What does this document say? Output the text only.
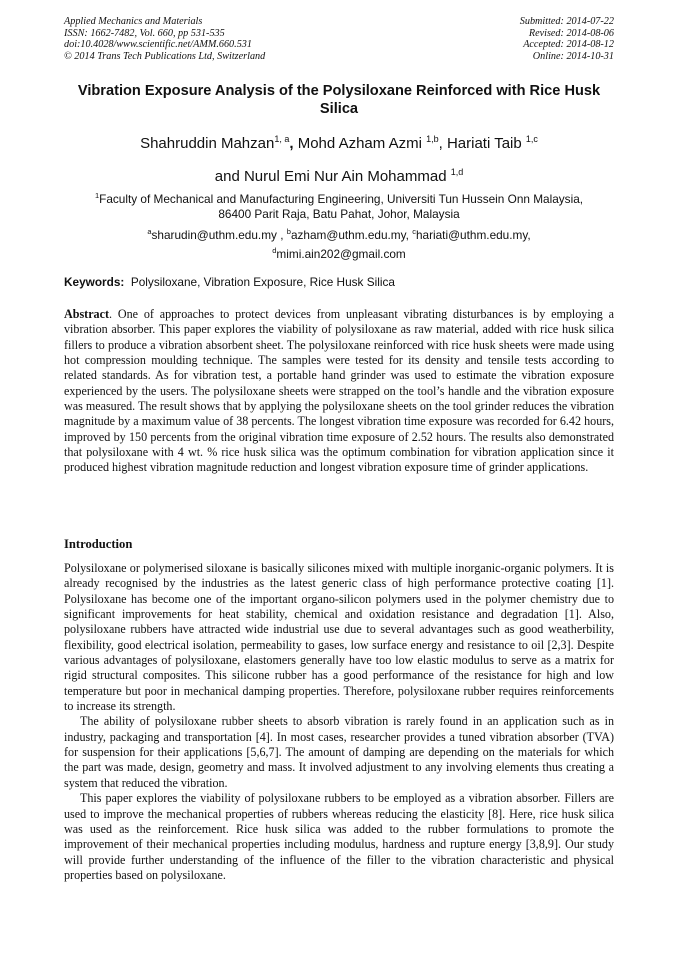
Applied Mechanics and Materials
ISSN: 1662-7482, Vol. 660, pp 531-535
doi:10.4028/www.scientific.net/AMM.660.531
© 2014 Trans Tech Publications Ltd, Switzerland
Submitted: 2014-07-22
Revised: 2014-08-06
Accepted: 2014-08-12
Online: 2014-10-31
Vibration Exposure Analysis of the Polysiloxane Reinforced with Rice Husk Silica
Shahruddin Mahzan$^{1, a}$, Mohd Azham Azmi $^{1,b}$, Hariati Taib $^{1,c}$
and Nurul Emi Nur Ain Mohammad $^{1,d}$
$^1$Faculty of Mechanical and Manufacturing Engineering, Universiti Tun Hussein Onn Malaysia,
86400 Parit Raja, Batu Pahat, Johor, Malaysia
$^a$sharudin@uthm.edu.my , $^b$azham@uthm.edu.my, $^c$hariati@uthm.edu.my,
$^d$mimi.ain202@gmail.com
Keywords: Polysiloxane, Vibration Exposure, Rice Husk Silica
Abstract. One of approaches to protect devices from unpleasant vibrating disturbances is by employing a vibration absorber. This paper explores the viability of polysiloxane as raw material, added with rice husk silica fillers to produce a vibration absorbent sheet. The polysiloxane reinforced with rice husk sheets were made using hot compression moulding technique. The samples were tested for its density and tensile tests according to related standards. As for vibration test, a portable hand grinder was used to estimate the vibration exposure experienced by the users. The polysiloxane sheets were strapped on the tool’s handle and the vibration exposure was measured. The result shows that by applying the polysiloxane sheets on the tool grinder reduces the vibration magnitude by a maximum value of 38 percents. The longest vibration time exposure was recorded for 6.42 hours, improved by 150 percents from the original vibration time exposure of 2.52 hours. The results also demonstrated that polysiloxane with 4 wt. % rice husk silica was the optimum combination for vibration application since it produced highest vibration magnitude reduction and longest vibration exposure time of grinder applications.
Introduction

Polysiloxane or polymerised siloxane is basically silicones mixed with multiple inorganic-organic polymers. It is already recognised by the industries as the latest generic class of high performance protective coating [1]. Polysiloxane has become one of the important organo-silicon polymers used in the polymer chemistry due to significant improvements for heat stability, chemical and oxidation resistance and degradation [1]. Also, polysiloxane rubbers have attracted wide industrial use due to several advantages such as good weatherbility, flexibility, good electrical isolation, permeability to gases, low surface energy and resistance to oil [2,3]. Despite various advantages of polysiloxane, elastomers generally have too low elastic modulus to serve as a matrix for rigid structural composites. This silicone rubber has a good performance of the resistance for high and low temperature but poor in mechanical damping properties. Therefore, polysiloxane rubber requires reinforcements to increase its strength.

The ability of polysiloxane rubber sheets to absorb vibration is rarely found in an application such as in industry, packaging and transportation [4]. In most cases, researcher provides a tuned vibration absorber (TVA) for suspension for their applications [5,6,7]. The amount of damping are depending on the materials for which the part was made, design, geometry and mass. It involved adjustment to any involving elements thus creating a system that reduced the vibration.

This paper explores the viability of polysiloxane rubbers to be employed as a vibration absorber. Fillers are used to improve the mechanical properties of rubbers whereas reducing the elasticity [8]. Here, rice husk silica was used as the reinforcement. Rice husk silica was added to the rubber formulations to promote the improvement of their mechanical properties including modulus, hardness and rupture energy [3,8,9]. Our study will provide further understanding of the influence of the filler to the vibration characteristic and physical properties based on polysiloxane.
